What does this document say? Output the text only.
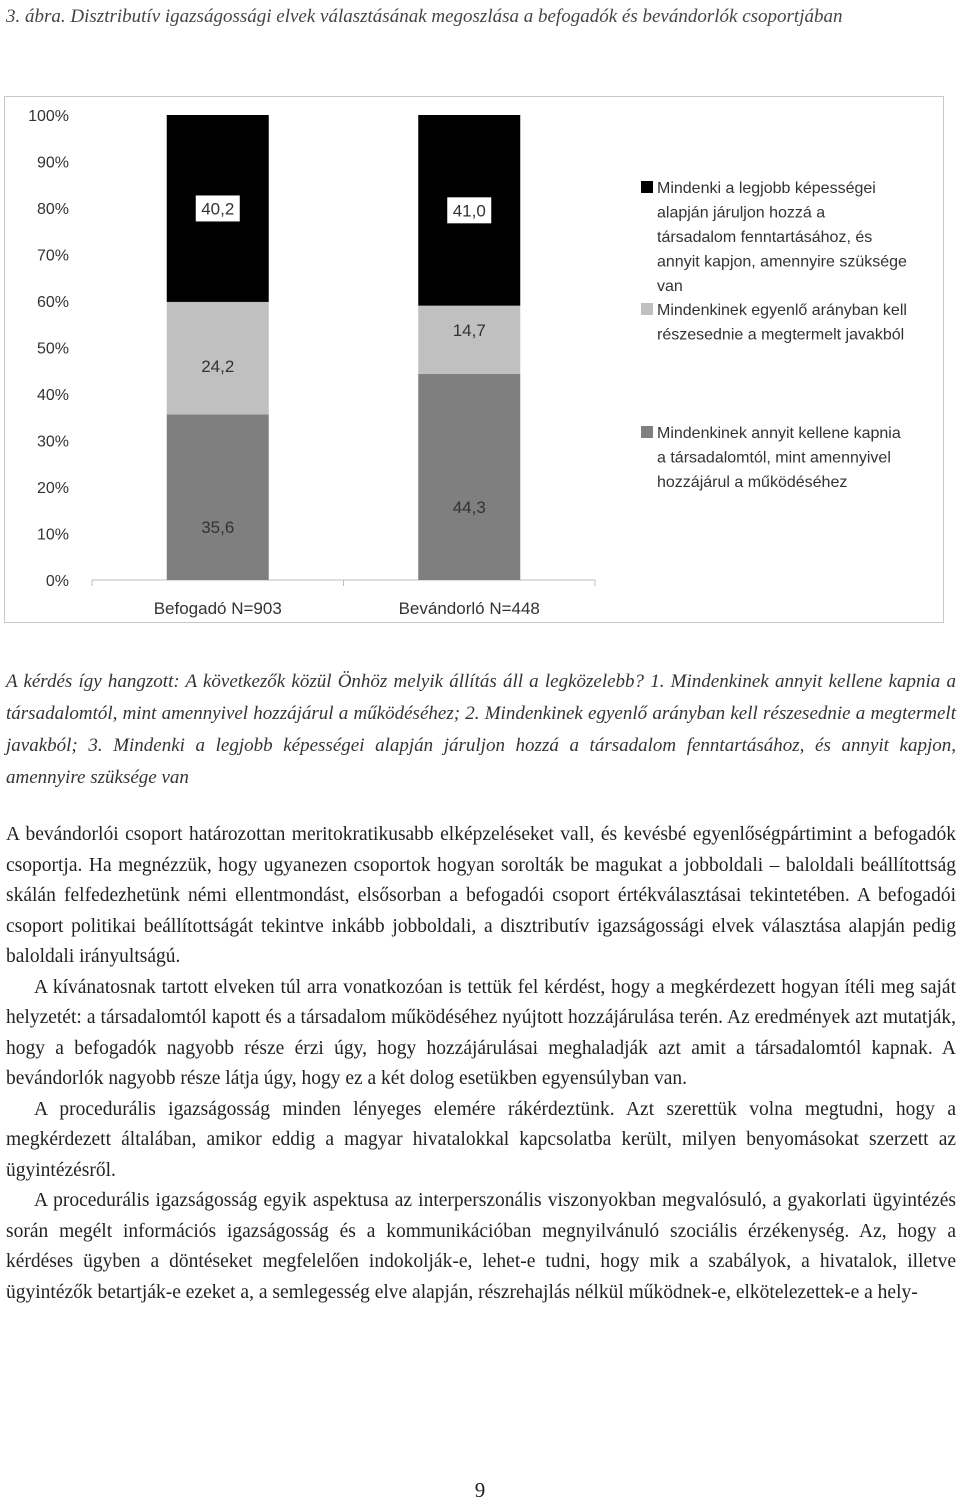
3. ábra. Disztributív igazságossági elvek választásának megoszlása a befogadók és bevándorlók csoportjában
0%
10%
20%
30%
40%
50%
60%
70%
80%
90%
100%
35,6
24,2
40,2
Befogadó N=903
44,3
14,7
41,0
Bevándorló N=448
Mindenki a legjobb képességei
alapján járuljon hozzá a
társadalom fenntartásához, és
annyit kapjon, amennyire szüksége
van
Mindenkinek egyenlő arányban kell
részesednie a megtermelt javakból
Mindenkinek annyit kellene kapnia
a társadalomtól, mint amennyivel
hozzájárul a működéséhez

A kérdés így hangzott: A következők közül Önhöz melyik állítás áll a legközelebb? 1. Mindenkinek annyit kellene kapnia a társadalomtól, mint amennyivel hozzájárul a működéséhez; 2. Mindenkinek egyenlő arányban kell részesednie a megtermelt javakból; 3. Mindenki a legjobb képességei alapján járuljon hozzá a társadalom fenntartásához, és annyit kapjon, amennyire szüksége van

A bevándorlói csoport határozottan meritokratikusabb elképzeléseket vall, és kevésbé egyenlőségpártimint a befogadók csoportja. Ha megnézzük, hogy ugyanezen csoportok hogyan sorolták be magukat a jobboldali – baloldali beállítottság skálán felfedezhetünk némi ellentmondást, elsősorban a befogadói csoport értékválasztásai tekintetében. A befogadói csoport politikai beállítottságát tekintve inkább jobboldali, a disztributív igazságossági elvek választása alapján pedig baloldali irányultságú.

A kívánatosnak tartott elveken túl arra vonatkozóan is tettük fel kérdést, hogy a megkérdezett hogyan ítéli meg saját helyzetét: a társadalomtól kapott és a társadalom működéséhez nyújtott hozzájárulása terén. Az eredmények azt mutatják, hogy a befogadók nagyobb része érzi úgy, hogy hozzájárulásai meghaladják azt amit a társadalomtól kapnak. A bevándorlók nagyobb része látja úgy, hogy ez a két dolog esetükben egyensúlyban van.

A procedurális igazságosság minden lényeges elemére rákérdeztünk. Azt szerettük volna megtudni, hogy a megkérdezett általában, amikor eddig a magyar hivatalokkal kapcsolatba került, milyen benyomásokat szerzett az ügyintézésről.

A procedurális igazságosság egyik aspektusa az interperszonális viszonyokban megvalósuló, a gyakorlati ügyintézés során megélt információs igazságosság és a kommunikációban megnyilvánuló szociális érzékenység. Az, hogy a kérdéses ügyben a döntéseket megfelelően indokolják-e, lehet-e tudni, hogy mik a szabályok, a hivatalok, illetve ügyintézők betartják-e ezeket a, a semlegesség elve alapján, részrehajlás nélkül működnek-e, elkötelezettek-e a hely-

9
